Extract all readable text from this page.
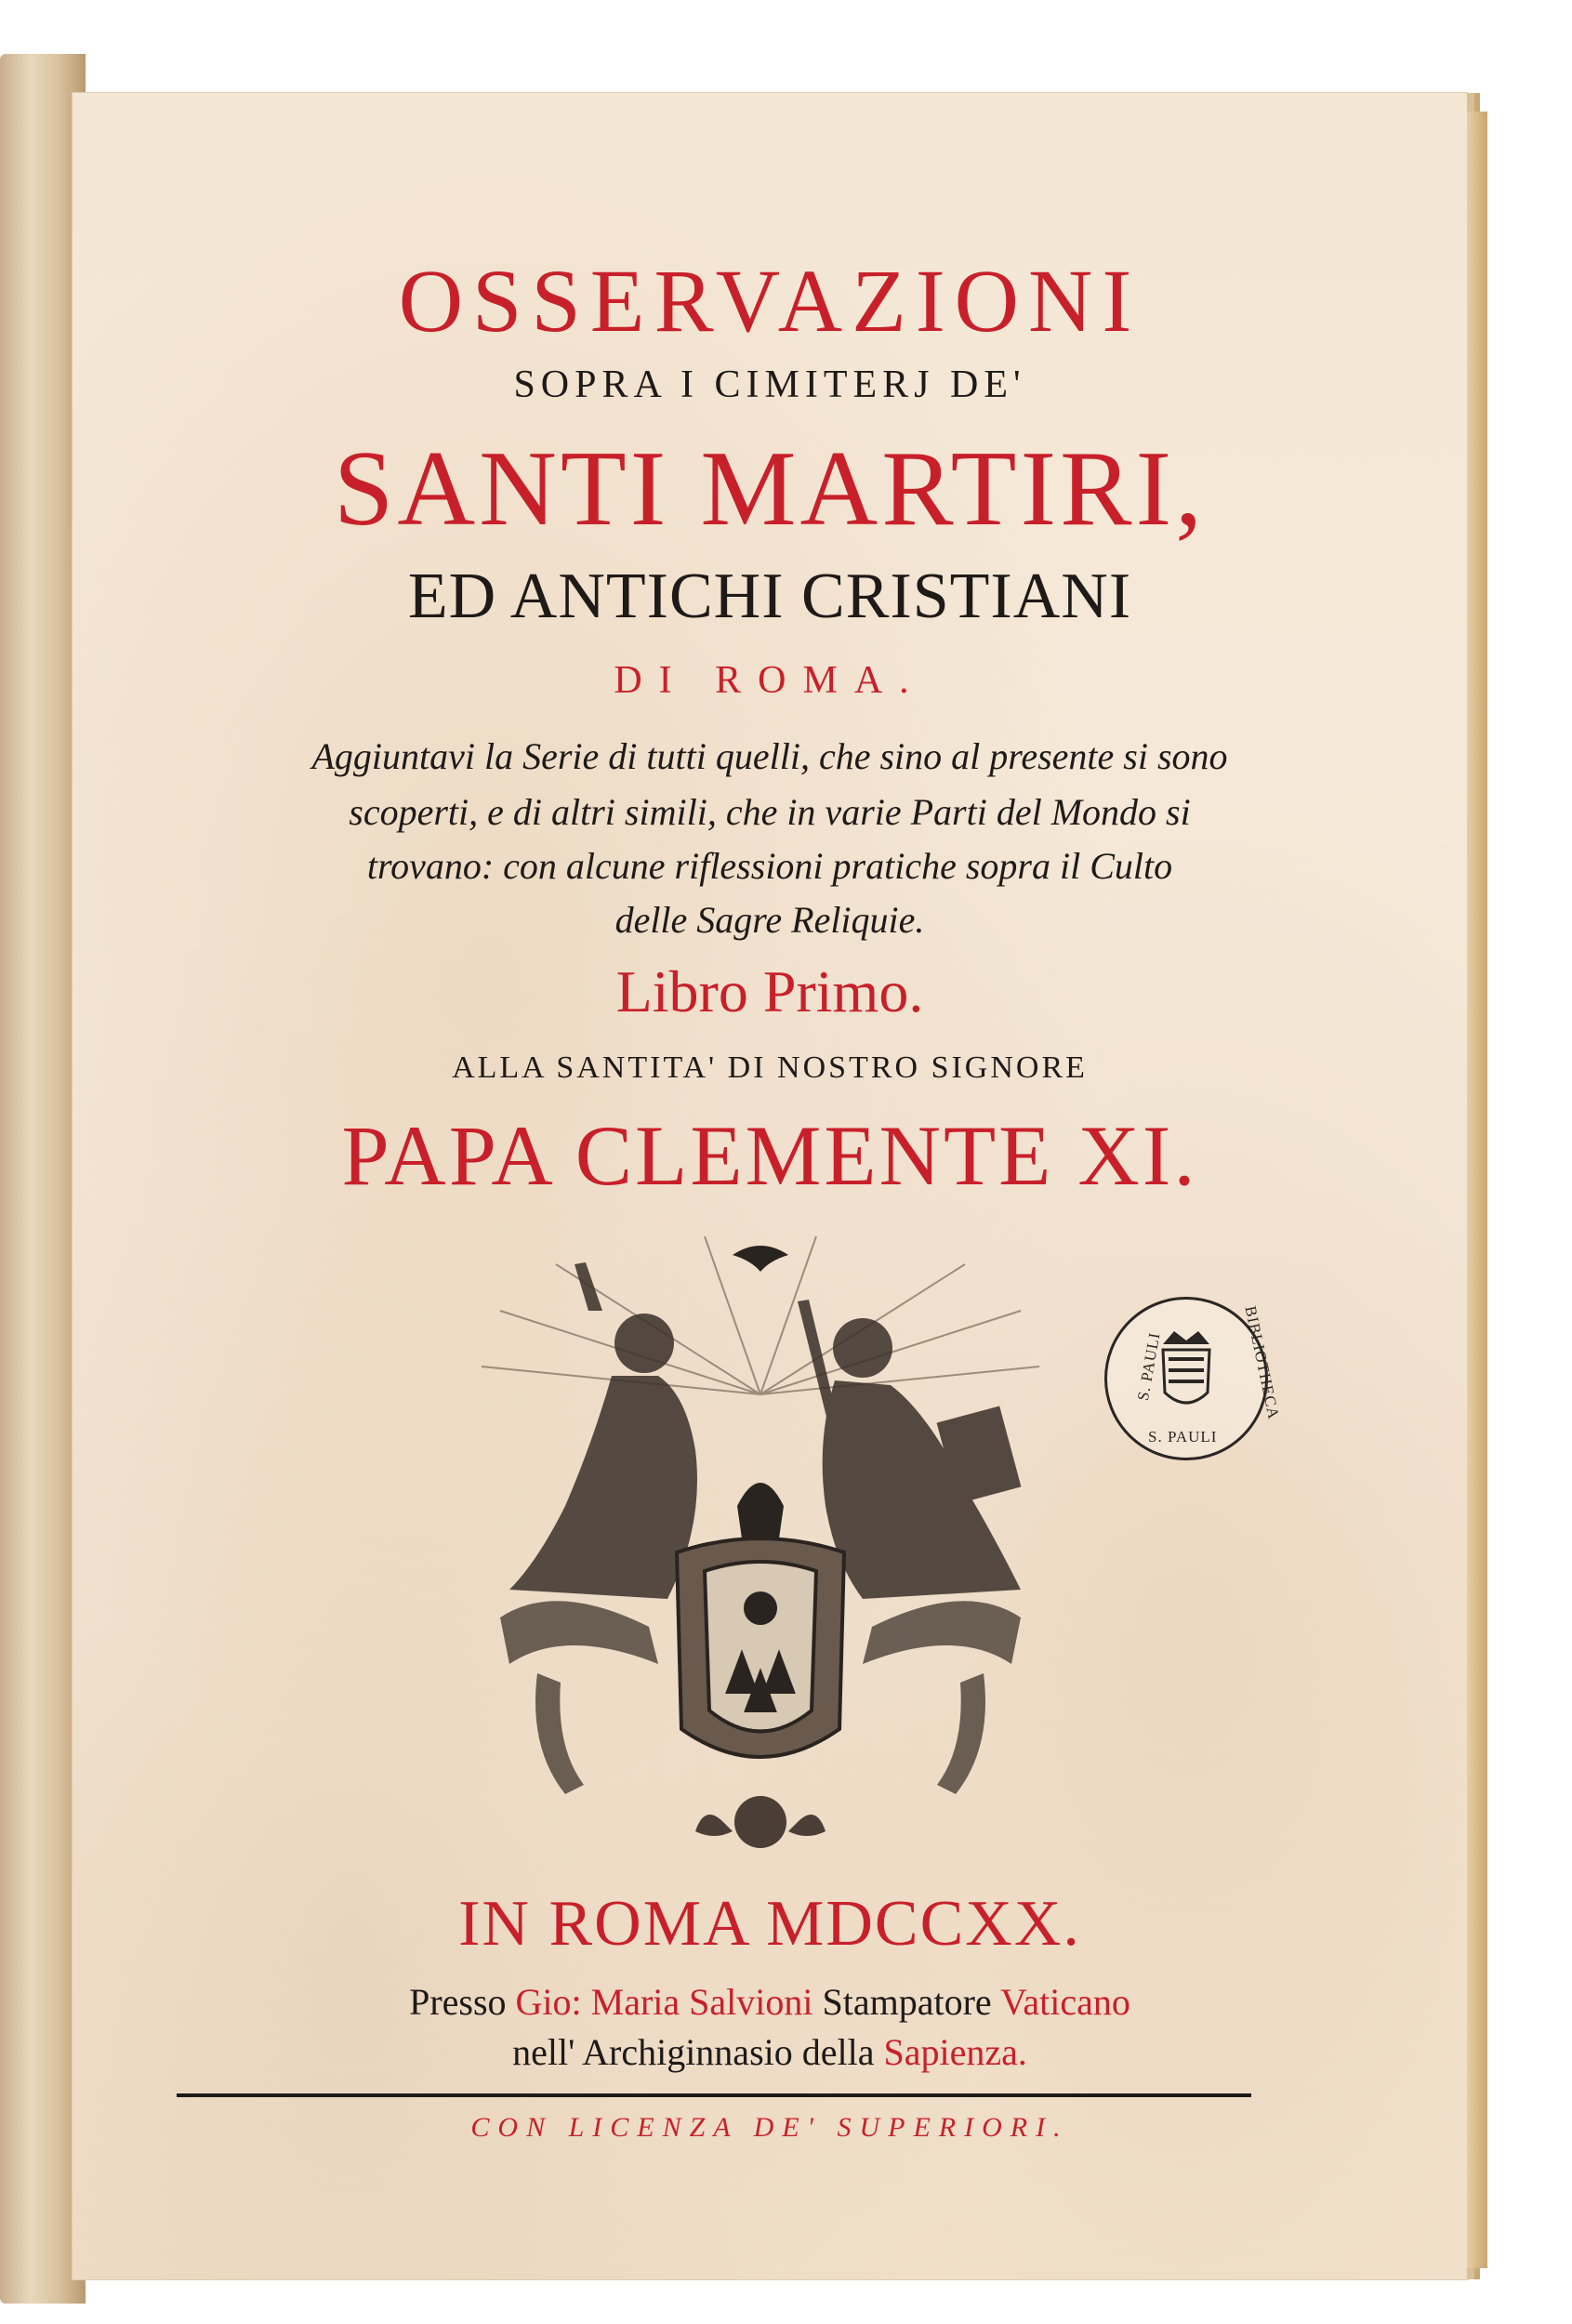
OSSERVAZIONI
SOPRA I CIMITERJ DE'
SANTI MARTIRI,
ED ANTICHI CRISTIANI
DI ROMA.
Aggiuntavi la Serie di tutti quelli, che sino al presente si sono
scoperti, e di altri simili, che in varie Parti del Mondo si
trovano: con alcune riflessioni pratiche sopra il Culto
delle Sagre Reliquie.
Libro Primo.
ALLA SANTITA' DI NOSTRO SIGNORE
PAPA CLEMENTE XI.
S. PAULI	BIBLIOTHECA
S. PAULI
IN ROMA MDCCXX.
Presso Gio: Maria Salvioni Stampatore Vaticano
nell' Archiginnasio della Sapienza.
CON LICENZA DE' SUPERIORI.
